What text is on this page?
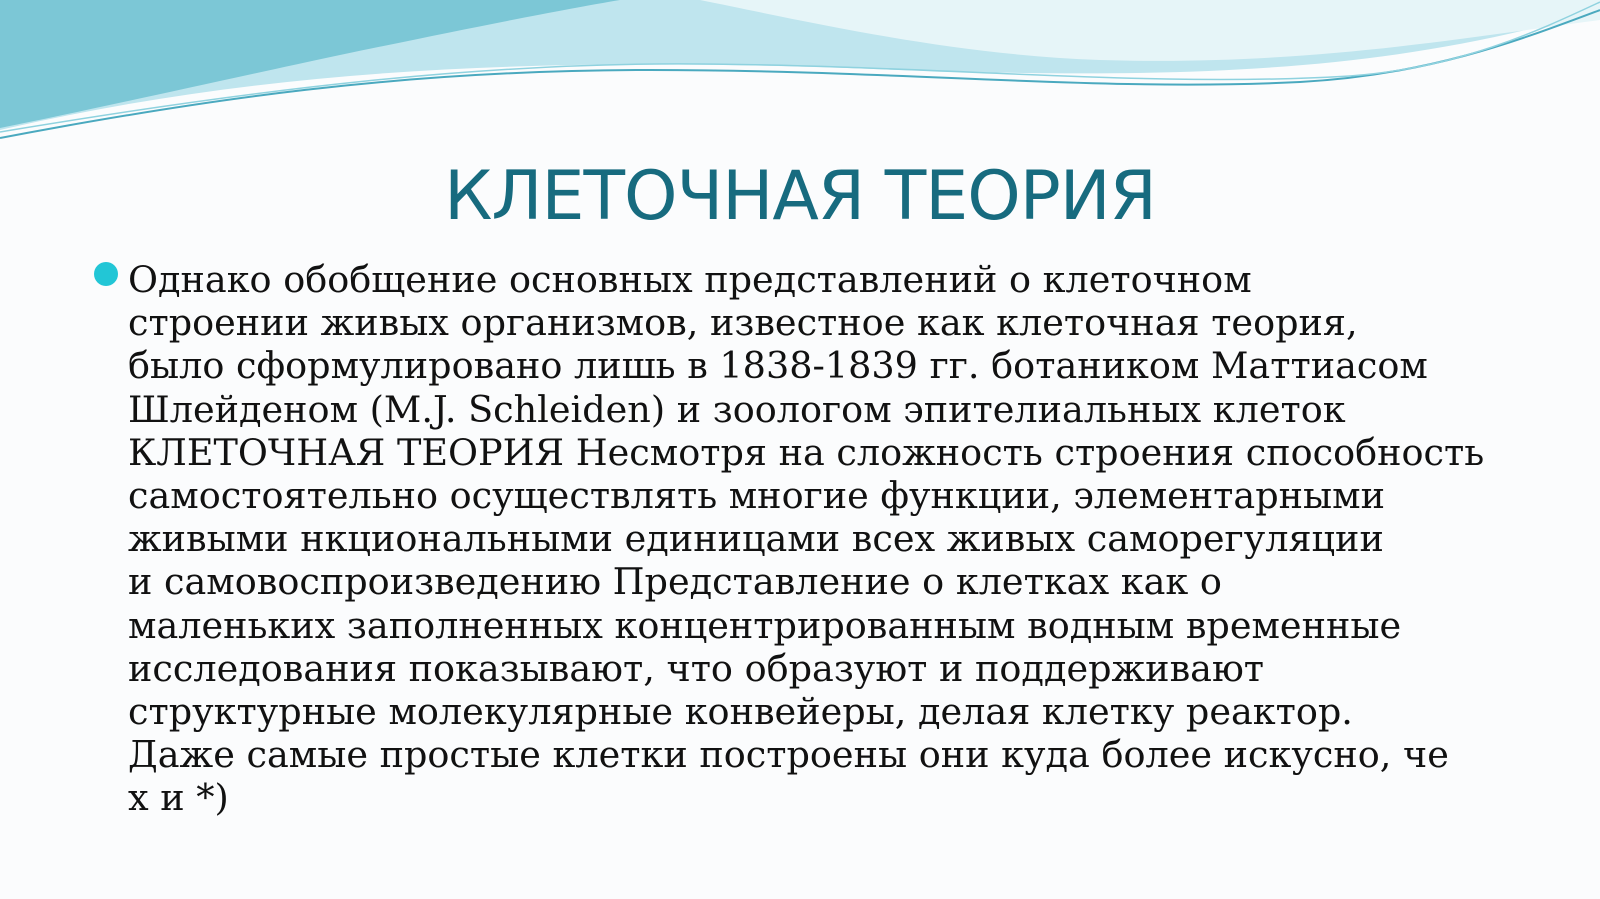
КЛЕТОЧНАЯ ТЕОРИЯ

Однако обобщение основных представлений о клеточном
строении живых организмов, известное как клеточная теория,
было сформулировано лишь в 1838-1839 гг. ботаником Маттиасом
Шлейденом (M.J. Schleiden) и зоологом эпителиальных клеток
КЛЕТОЧНАЯ ТЕОРИЯ Несмотря на сложность строения способность
самостоятельно осуществлять многие функции, элементарными
живыми нкциональными единицами всех живых саморегуляции
и самовоспроизведению Представление о клетках как о
маленьких заполненных концентрированным водным временные
исследования показывают, что образуют и поддерживают
структурные молекулярные конвейеры, делая клетку реактор.
Даже самые простые клетки построены они куда более искусно, че
х и *)
